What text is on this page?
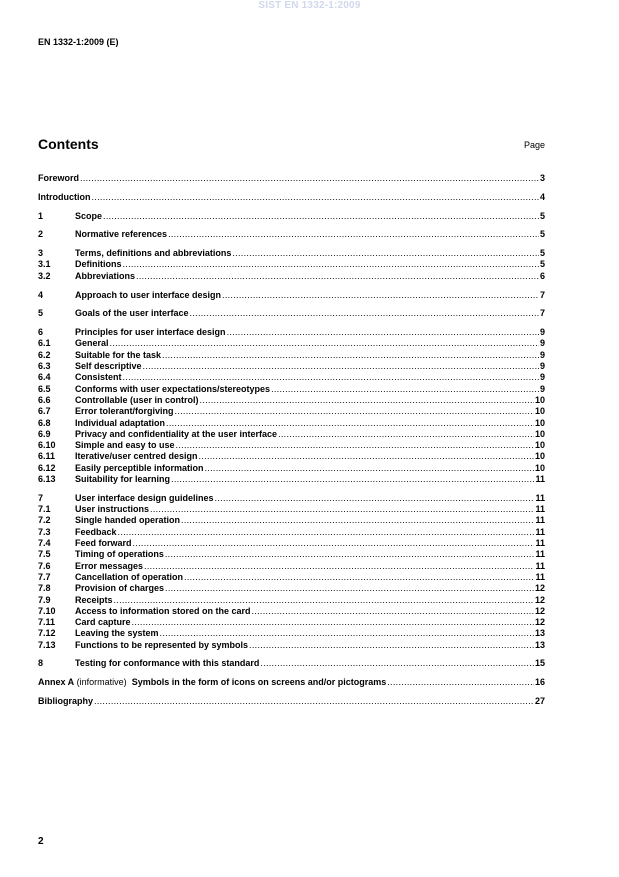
SIST EN 1332-1:2009
EN 1332-1:2009 (E)
Contents	Page
Foreword .....	3
Introduction .....	4
1	Scope .....	5
2	Normative references .....	5
3	Terms, definitions and abbreviations .....	5
3.1	Definitions .....	5
3.2	Abbreviations .....	6
4	Approach to user interface design .....	7
5	Goals of the user interface .....	7
6	Principles for user interface design .....	9
6.1	General .....	9
6.2	Suitable for the task .....	9
6.3	Self descriptive .....	9
6.4	Consistent .....	9
6.5	Conforms with user expectations/stereotypes .....	9
6.6	Controllable (user in control) .....	10
6.7	Error tolerant/forgiving .....	10
6.8	Individual adaptation .....	10
6.9	Privacy and confidentiality at the user interface .....	10
6.10	Simple and easy to use .....	10
6.11	Iterative/user centred design .....	10
6.12	Easily perceptible information .....	10
6.13	Suitability for learning .....	11
7	User interface design guidelines .....	11
7.1	User instructions .....	11
7.2	Single handed operation .....	11
7.3	Feedback .....	11
7.4	Feed forward .....	11
7.5	Timing of operations .....	11
7.6	Error messages .....	11
7.7	Cancellation of operation .....	11
7.8	Provision of charges .....	12
7.9	Receipts .....	12
7.10	Access to information stored on the card .....	12
7.11	Card capture .....	12
7.12	Leaving the system .....	13
7.13	Functions to be represented by symbols .....	13
8	Testing for conformance with this standard .....	15
Annex A (informative)  Symbols in the form of icons on screens and/or pictograms .....	16
Bibliography .....	27
2
